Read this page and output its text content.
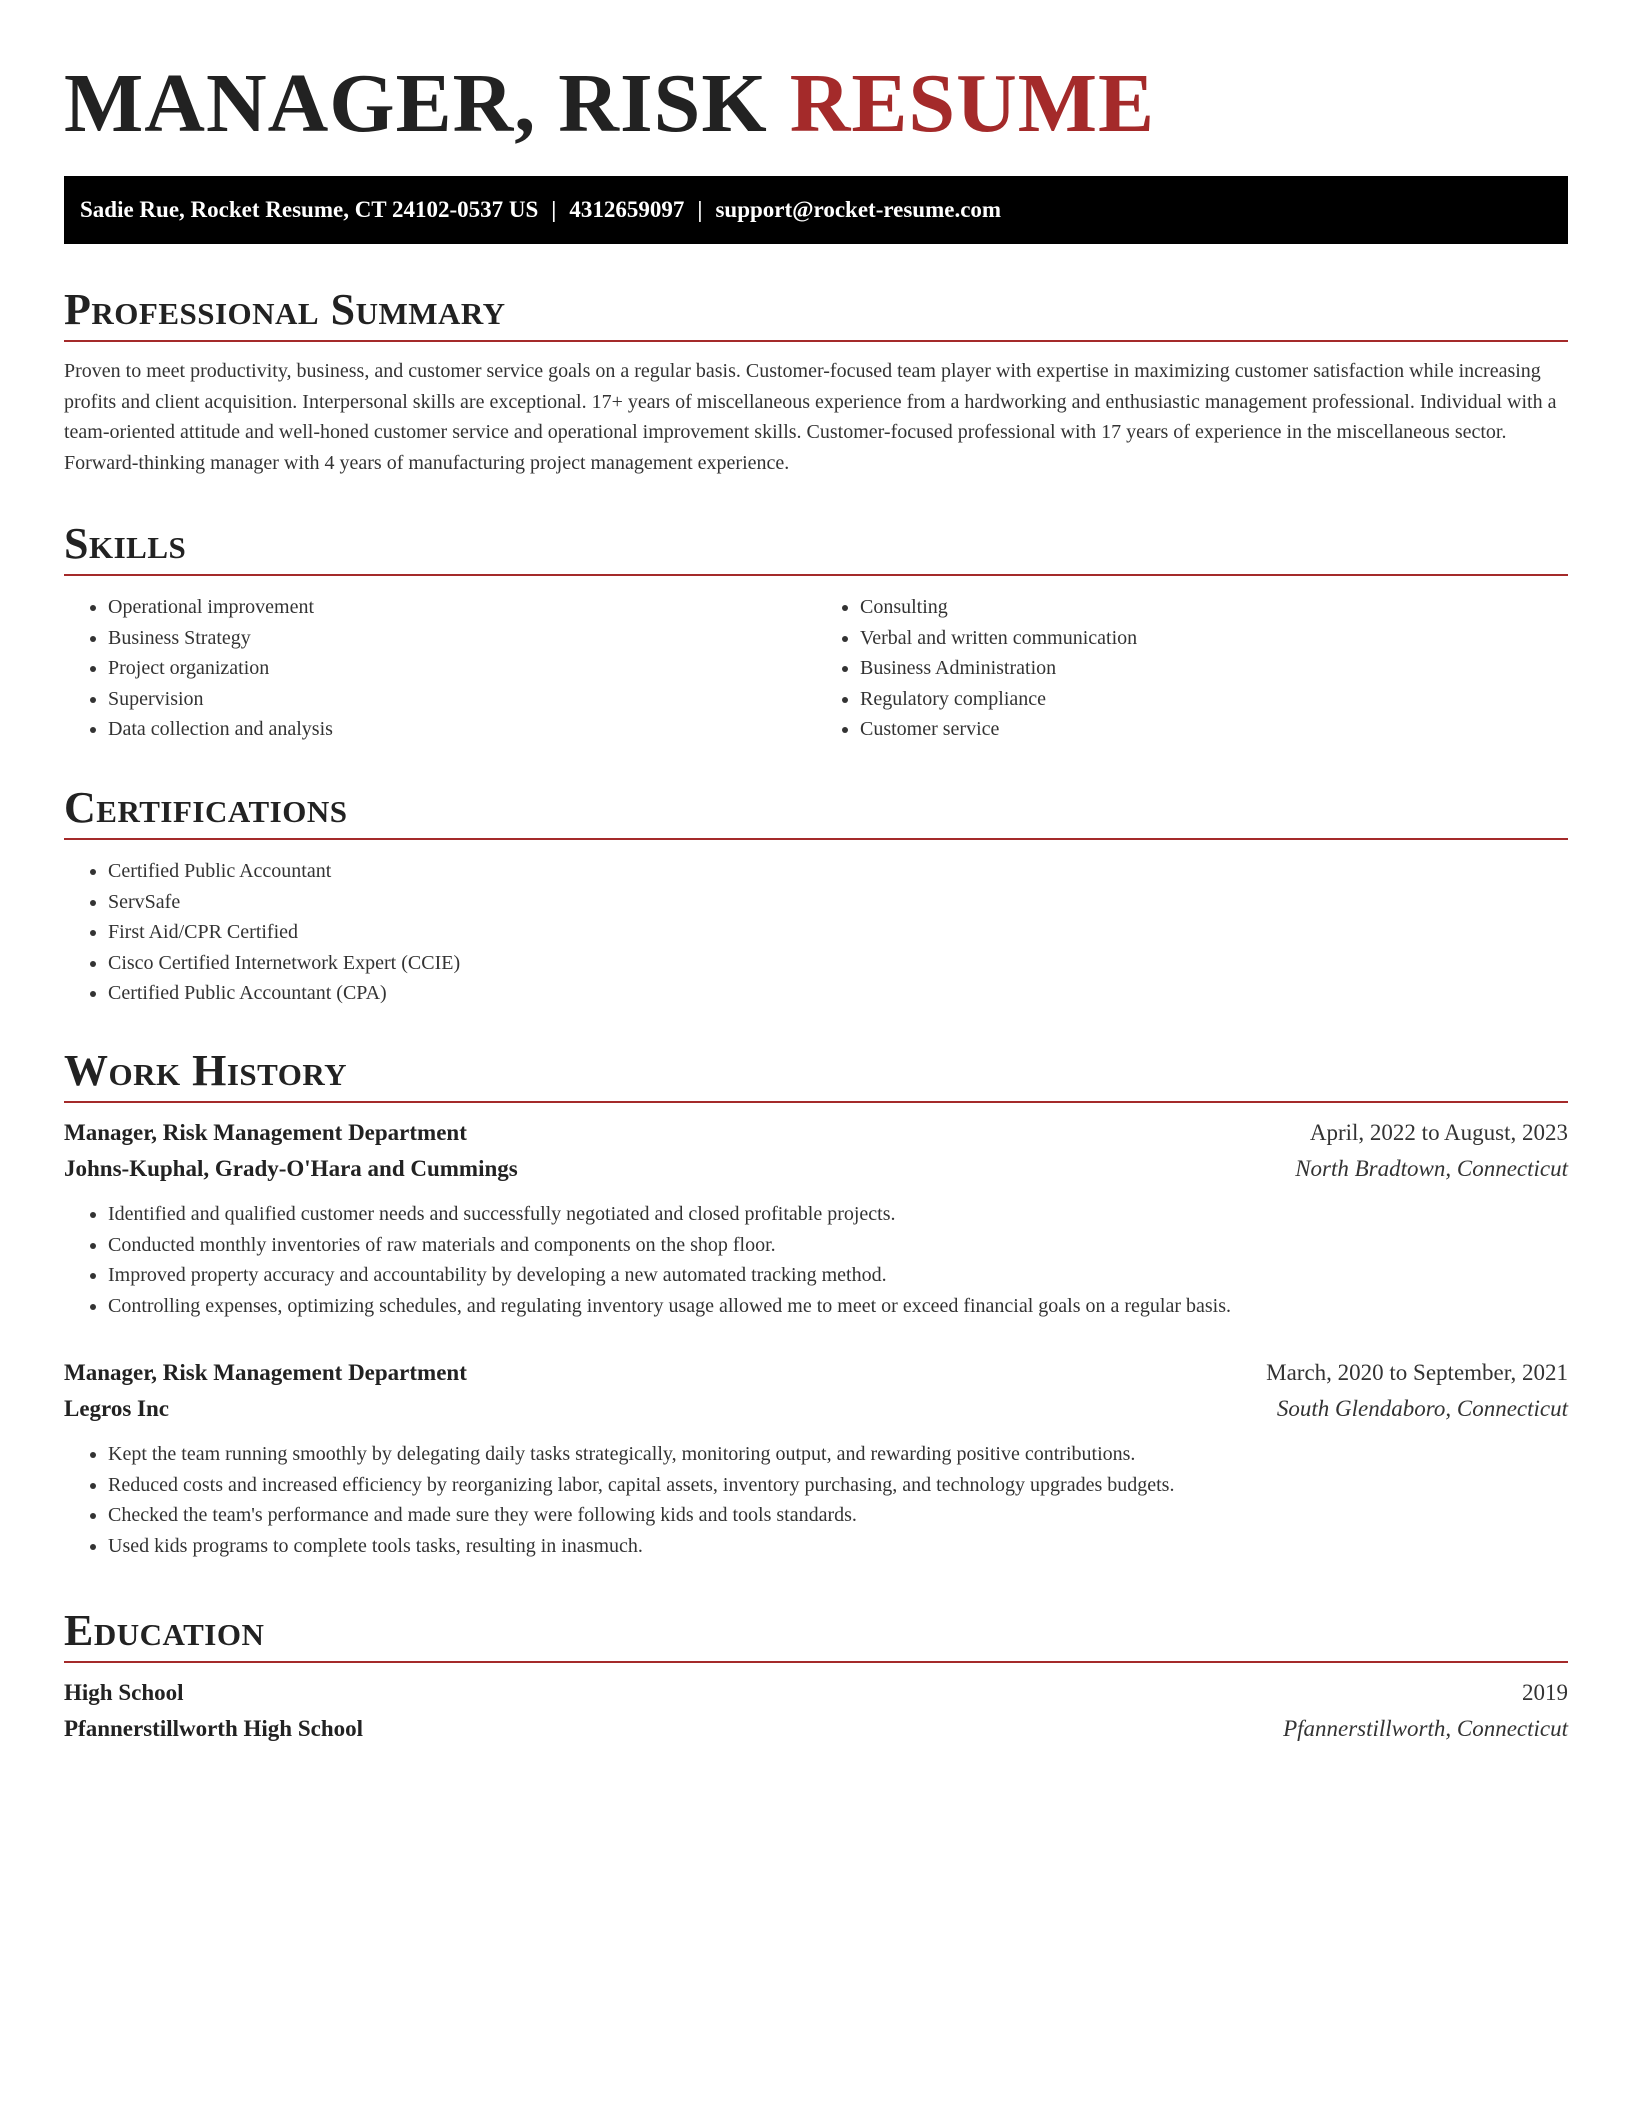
MANAGER, RISK RESUME
Sadie Rue, Rocket Resume, CT 24102-0537 US | 4312659097 | support@rocket-resume.com
Professional Summary

Proven to meet productivity, business, and customer service goals on a regular basis. Customer-focused team player with expertise in maximizing customer satisfaction while increasing profits and client acquisition. Interpersonal skills are exceptional. 17+ years of miscellaneous experience from a hardworking and enthusiastic management professional. Individual with a team-oriented attitude and well-honed customer service and operational improvement skills. Customer-focused professional with 17 years of experience in the miscellaneous sector. Forward-thinking manager with 4 years of manufacturing project management experience.

Skills
• Operational improvement
• Business Strategy
• Project organization
• Supervision
• Data collection and analysis
• Consulting
• Verbal and written communication
• Business Administration
• Regulatory compliance
• Customer service
Certifications
• Certified Public Accountant
• ServSafe
• First Aid/CPR Certified
• Cisco Certified Internetwork Expert (CCIE)
• Certified Public Accountant (CPA)
Work History
Manager, Risk Management Department	April, 2022 to August, 2023
Johns-Kuphal, Grady-O'Hara and Cummings	North Bradtown, Connecticut
• Identified and qualified customer needs and successfully negotiated and closed profitable projects.
• Conducted monthly inventories of raw materials and components on the shop floor.
• Improved property accuracy and accountability by developing a new automated tracking method.
• Controlling expenses, optimizing schedules, and regulating inventory usage allowed me to meet or exceed financial goals on a regular basis.
Manager, Risk Management Department	March, 2020 to September, 2021
Legros Inc	South Glendaboro, Connecticut
• Kept the team running smoothly by delegating daily tasks strategically, monitoring output, and rewarding positive contributions.
• Reduced costs and increased efficiency by reorganizing labor, capital assets, inventory purchasing, and technology upgrades budgets.
• Checked the team's performance and made sure they were following kids and tools standards.
• Used kids programs to complete tools tasks, resulting in inasmuch.
Education
High School	2019
Pfannerstillworth High School	Pfannerstillworth, Connecticut
